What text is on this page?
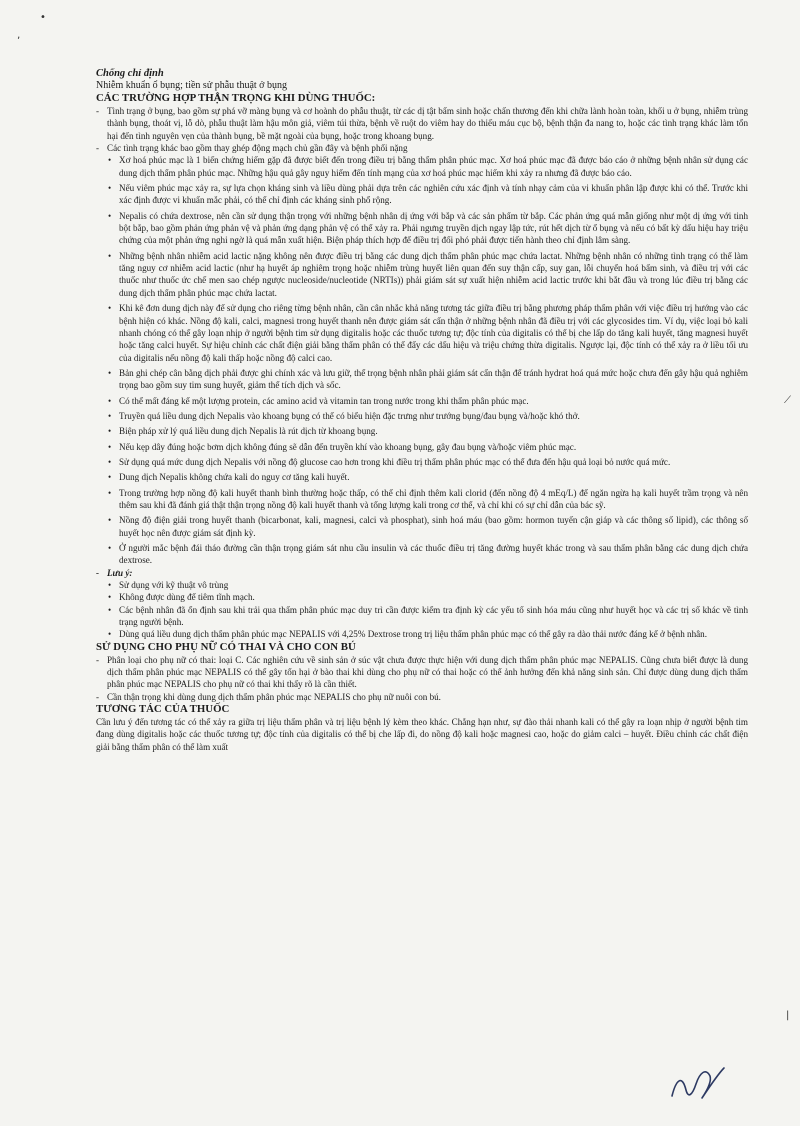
•
‚
⟋
|

Chống chỉ định

Nhiễm khuẩn ổ bụng; tiền sử phẫu thuật ở bụng

CÁC TRƯỜNG HỢP THẬN TRỌNG KHI DÙNG THUỐC:

- Tình trạng ở bụng, bao gồm sự phá vỡ màng bụng và cơ hoành do phẫu thuật, từ các dị tật bẩm sinh hoặc chấn thương đến khi chữa lành hoàn toàn, khối u ở bụng, nhiễm trùng thành bụng, thoát vị, lỗ dò, phẫu thuật làm hậu môn giả, viêm túi thừa, bệnh về ruột do viêm hay do thiếu máu cục bộ, bệnh thận đa nang to, hoặc các tình trạng khác làm tổn hại đến tình nguyên vẹn của thành bụng, bề mặt ngoài của bụng, hoặc trong khoang bụng.

- Các tình trạng khác bao gồm thay ghép động mạch chủ gần đây và bệnh phổi nặng

• Xơ hoá phúc mạc là 1 biến chứng hiếm gặp đã được biết đến trong điều trị bằng thẩm phân phúc mạc. Xơ hoá phúc mạc đã được báo cáo ở những bệnh nhân sử dụng các dung dịch thẩm phân phúc mạc. Những hậu quả gây nguy hiểm đến tính mạng của xơ hoá phúc mạc hiếm khi xảy ra nhưng đã được báo cáo.

• Nếu viêm phúc mạc xảy ra, sự lựa chọn kháng sinh và liều dùng phải dựa trên các nghiên cứu xác định và tính nhạy cảm của vi khuẩn phân lập được khi có thể. Trước khi xác định được vi khuẩn mắc phải, có thể chỉ định các kháng sinh phổ rộng.

• Nepalis có chứa dextrose, nên cần sử dụng thận trọng với những bệnh nhân dị ứng với bắp và các sản phẩm từ bắp. Các phản ứng quá mẫn giống như một dị ứng với tinh bột bắp, bao gồm phản ứng phản vệ và phản ứng dạng phản vệ có thể xảy ra. Phải ngưng truyền dịch ngay lập tức, rút hết dịch từ ổ bụng và nếu có bất kỳ dấu hiệu hay triệu chứng của một phản ứng nghi ngờ là quá mẫn xuất hiện. Biện pháp thích hợp để điều trị đối phó phải được tiến hành theo chỉ định lâm sàng.

• Những bệnh nhân nhiễm acid lactic nặng không nên được điều trị bằng các dung dịch thẩm phân phúc mạc chứa lactat. Những bệnh nhân có những tình trạng có thể làm tăng nguy cơ nhiễm acid lactic (như hạ huyết áp nghiêm trọng hoặc nhiễm trùng huyết liên quan đến suy thận cấp, suy gan, lỗi chuyển hoá bẩm sinh, và điều trị với các thuốc như thuốc ức chế men sao chép ngược nucleoside/nucleotide (NRTIs)) phải giám sát sự xuất hiện nhiễm acid lactic trước khi bắt đầu và trong lúc điều trị bằng các dung dịch thẩm phân phúc mạc chứa lactat.

• Khi kê đơn dung dịch này để sử dụng cho riêng từng bệnh nhân, cần cân nhắc khả năng tương tác giữa điều trị bằng phương pháp thẩm phân với việc điều trị hướng vào các bệnh hiện có khác. Nồng độ kali, calci, magnesi trong huyết thanh nên được giám sát cẩn thận ở những bệnh nhân đã điều trị với các glycosides tim. Ví dụ, việc loại bỏ kali nhanh chóng có thể gây loạn nhịp ở người bệnh tim sử dụng digitalis hoặc các thuốc tương tự; độc tính của digitalis có thể bị che lấp do tăng kali huyết, tăng magnesi huyết hoặc tăng calci huyết. Sự hiệu chỉnh các chất điện giải bằng thẩm phân có thể đẩy các dấu hiệu và triệu chứng thừa digitalis. Ngược lại, độc tính có thể xảy ra ở liều tối ưu của digitalis nếu nồng độ kali thấp hoặc nồng độ calci cao.

• Bản ghi chép cân bằng dịch phải được ghi chính xác và lưu giữ, thể trọng bệnh nhân phải giám sát cẩn thận để tránh hydrat hoá quá mức hoặc chưa đến gây hậu quả nghiêm trọng bao gồm suy tim sung huyết, giảm thể tích dịch và sốc.

• Có thể mất đáng kể một lượng protein, các amino acid và vitamin tan trong nước trong khi thẩm phân phúc mạc.

• Truyền quá liều dung dịch Nepalis vào khoang bụng có thể có biểu hiện đặc trưng như trướng bụng/đau bụng và/hoặc khó thở.

• Biện pháp xử lý quá liều dung dịch Nepalis là rút dịch từ khoang bụng.

• Nếu kẹp dây đúng hoặc bơm dịch không đúng sẽ dẫn đến truyền khí vào khoang bụng, gây đau bụng và/hoặc viêm phúc mạc.

• Sử dụng quá mức dung dịch Nepalis với nồng độ glucose cao hơn trong khi điều trị thẩm phân phúc mạc có thể đưa đến hậu quả loại bỏ nước quá mức.

• Dung dịch Nepalis không chứa kali do nguy cơ tăng kali huyết.

• Trong trường hợp nồng độ kali huyết thanh bình thường hoặc thấp, có thể chỉ định thêm kali clorid (đến nồng độ 4 mEq/L) để ngăn ngừa hạ kali huyết trầm trọng và nên thêm sau khi đã đánh giá thật thận trọng nồng độ kali huyết thanh và tổng lượng kali trong cơ thể, và chỉ khi có sự chỉ dẫn của bác sỹ.

• Nồng độ điện giải trong huyết thanh (bicarbonat, kali, magnesi, calci và phosphat), sinh hoá máu (bao gồm: hormon tuyến cận giáp và các thông số lipid), các thông số huyết học nên được giám sát định kỳ.

• Ở người mắc bệnh đái tháo đường cần thận trọng giám sát nhu cầu insulin và các thuốc điều trị tăng đường huyết khác trong và sau thẩm phân bằng các dung dịch chứa dextrose.

- Lưu ý:

• Sử dụng với kỹ thuật vô trùng

• Không được dùng để tiêm tĩnh mạch.

• Các bệnh nhân đã ổn định sau khi trải qua thẩm phân phúc mạc duy trì cần được kiểm tra định kỳ các yếu tố sinh hóa máu cũng như huyết học và các trị số khác về tình trạng người bệnh.

• Dùng quá liều dung dịch thẩm phân phúc mạc NEPALIS với 4,25% Dextrose trong trị liệu thẩm phân phúc mạc có thể gây ra dào thải nước đáng kể ở bệnh nhân.

SỬ DỤNG CHO PHỤ NỮ CÓ THAI VÀ CHO CON BÚ

- Phân loại cho phụ nữ có thai: loại C. Các nghiên cứu về sinh sản ở súc vật chưa được thực hiện với dung dịch thẩm phân phúc mạc NEPALIS. Cũng chưa biết được là dung dịch thẩm phân phúc mạc NEPALIS có thể gây tổn hại ở bào thai khi dùng cho phụ nữ có thai hoặc có thể ảnh hưởng đến khả năng sinh sản. Chỉ được dùng dung dịch thẩm phân phúc mạc NEPALIS cho phụ nữ có thai khi thấy rõ là cần thiết.

- Cần thận trọng khi dùng dung dịch thẩm phân phúc mạc NEPALIS cho phụ nữ nuôi con bú.

TƯƠNG TÁC CỦA THUỐC

Cần lưu ý đến tương tác có thể xảy ra giữa trị liệu thẩm phân và trị liệu bệnh lý kèm theo khác. Chẳng hạn như, sự đào thải nhanh kali có thể gây ra loạn nhịp ở người bệnh tim đang dùng digitalis hoặc các thuốc tương tự; độc tính của digitalis có thể bị che lấp đi, do nồng độ kali hoặc magnesi cao, hoặc do giảm calci – huyết. Điều chỉnh các chất điện giải bằng thẩm phân có thể làm xuất
